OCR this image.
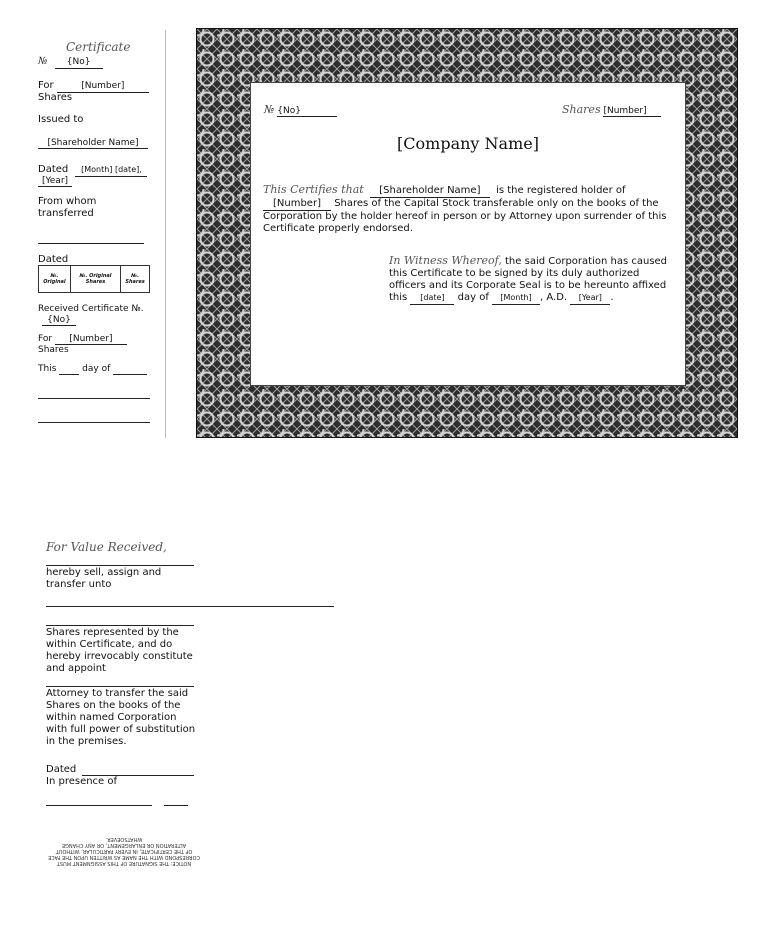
Certificate
№ {No}
For	[Number]
Shares
Issued to
[Shareholder Name]
Dated [Month] [date],
[Year]
From whom transferred
Dated
№. Original	№. Original Shares	№. Shares
Received Certificate №.
{No}
For [Number]
Shares
This	day of
№ {No}	Shares [Number]
[Company Name]
This Certifies that [Shareholder Name] is the registered holder of [Number] Shares of the Capital Stock transferable only on the books of the Corporation by the holder hereof in person or by Attorney upon surrender of this Certificate properly endorsed.
In Witness Whereof, the said Corporation has caused this Certificate to be signed by its duly authorized officers and its Corporate Seal is to be hereunto affixed this [date] day of [Month] , A.D. [Year] .
For Value Received,
hereby sell, assign and transfer unto
Shares represented by the within Certificate, and do hereby irrevocably constitute and appoint
Attorney to transfer the said Shares on the books of the within named Corporation with full power of substitution in the premises.
Dated
In presence of
NOTICE: THE SIGNATURE OF THIS ASSIGNMENT MUST CORRESPOND WITH THE NAME AS WRITTEN UPON THE FACE OF THE CERTIFICATE, IN EVERY PARTICULAR, WITHOUT ALTERATION OR ENLARGEMENT, OR ANY CHANGE WHATSOEVER.
